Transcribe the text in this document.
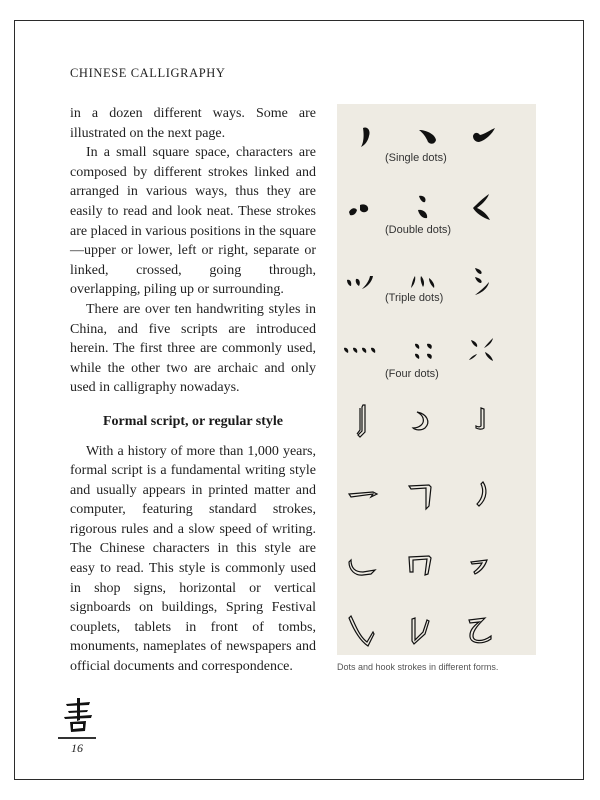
CHINESE CALLIGRAPHY

in a dozen different ways. Some are illustrated on the next page.

In a small square space, characters are composed by different strokes linked and arranged in various ways, thus they are easily to read and look neat. These strokes are placed in various positions in the square—upper or lower, left or right, separate or linked, crossed, going through, overlapping, piling up or surrounding.

There are over ten handwriting styles in China, and five scripts are introduced herein. The first three are commonly used, while the other two are archaic and only used in calligraphy nowadays.

Formal script, or regular style

With a history of more than 1,000 years, formal script is a fundamental writing style and usually appears in printed matter and computer, featuring standard strokes, rigorous rules and a slow speed of writing. The Chinese characters in this style are easy to read. This style is commonly used in shop signs, horizontal or vertical signboards on buildings, Spring Festival couplets, tablets in front of tombs, monuments, nameplates of newspapers and official documents and correspondence.

(Single dots)
(Double dots)
(Triple dots)
(Four dots)
Dots and hook strokes in different forms.
16
